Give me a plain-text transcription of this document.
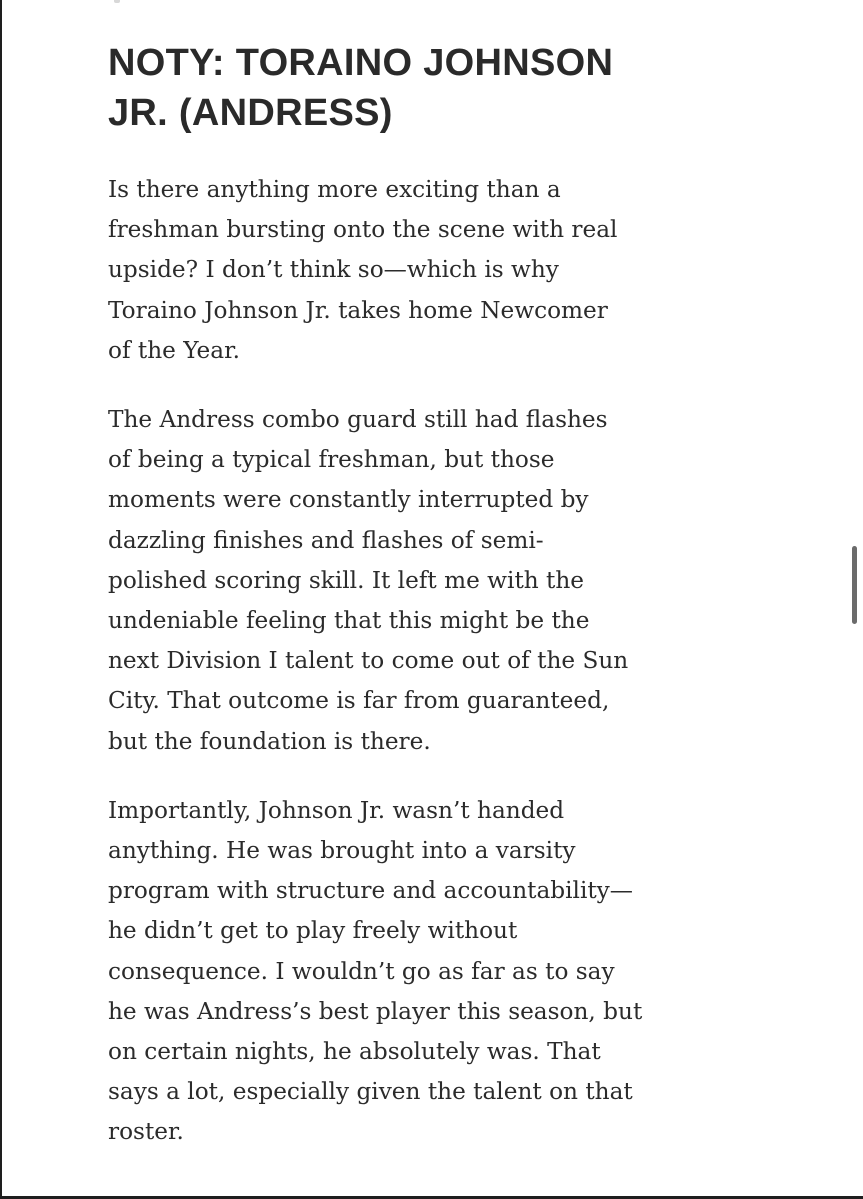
NOTY: TORAINO JOHNSON
JR. (ANDRESS)

Is there anything more exciting than a
freshman bursting onto the scene with real
upside? I don’t think so—which is why
Toraino Johnson Jr. takes home Newcomer
of the Year.

The Andress combo guard still had flashes
of being a typical freshman, but those
moments were constantly interrupted by
dazzling finishes and flashes of semi-
polished scoring skill. It left me with the
undeniable feeling that this might be the
next Division I talent to come out of the Sun
City. That outcome is far from guaranteed,
but the foundation is there.

Importantly, Johnson Jr. wasn’t handed
anything. He was brought into a varsity
program with structure and accountability—
he didn’t get to play freely without
consequence. I wouldn’t go as far as to say
he was Andress’s best player this season, but
on certain nights, he absolutely was. That
says a lot, especially given the talent on that
roster.
